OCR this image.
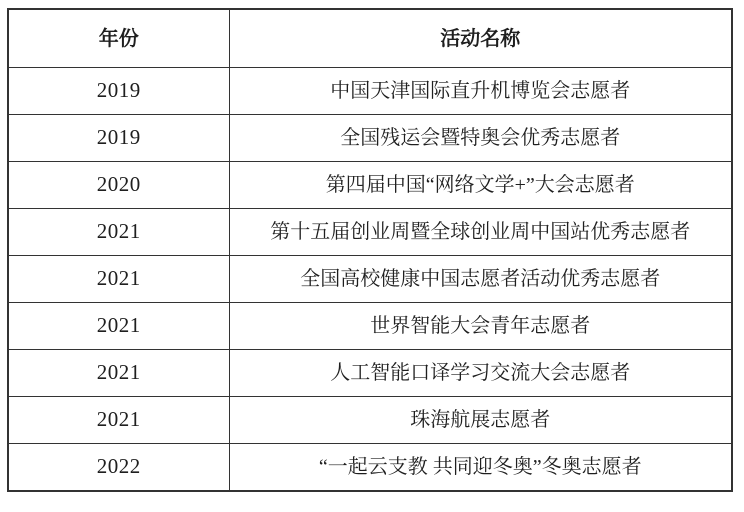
年份	活动名称
2019	中国天津国际直升机博览会志愿者
2019	全国残运会暨特奥会优秀志愿者
2020	第四届中国“网络文学+”大会志愿者
2021	第十五届创业周暨全球创业周中国站优秀志愿者
2021	全国高校健康中国志愿者活动优秀志愿者
2021	世界智能大会青年志愿者
2021	人工智能口译学习交流大会志愿者
2021	珠海航展志愿者
2022	“一起云支教 共同迎冬奥”冬奥志愿者
